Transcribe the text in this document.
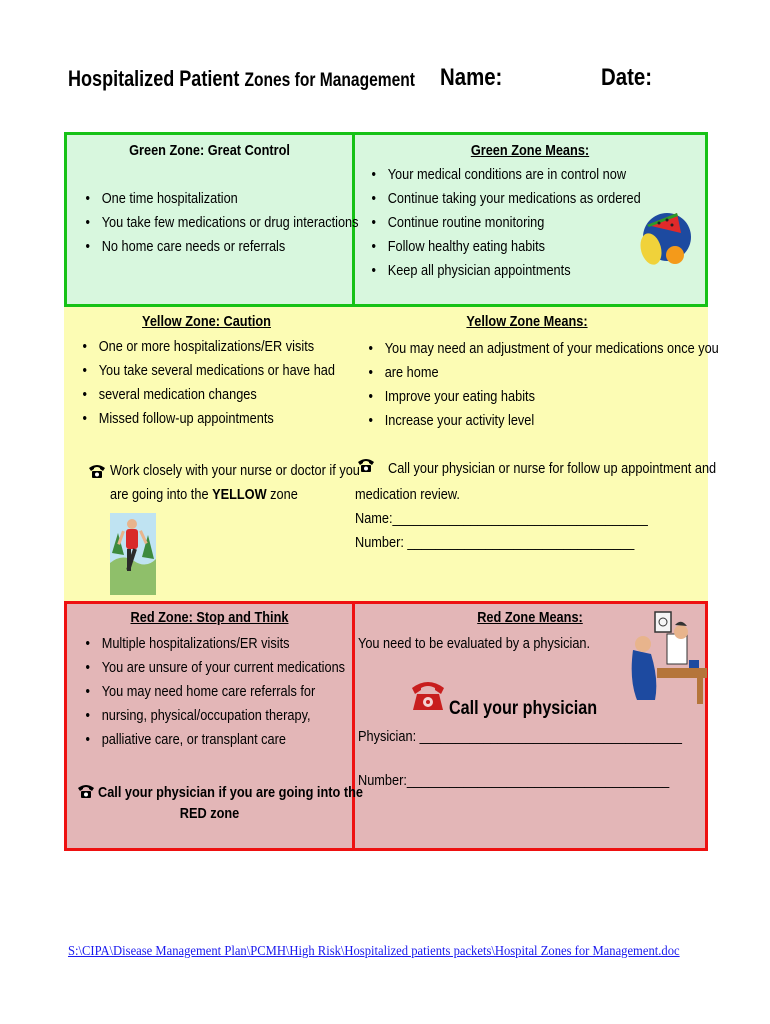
Hospitalized Patient Zones for Management Name:	Date:
Green Zone: Great Control
• One time hospitalization
• You take few medications or drug interactions
• No home care needs or referrals
Green Zone Means:
• Your medical conditions are in control now
• Continue taking your medications as ordered
• Continue routine monitoring
• Follow healthy eating habits
• Keep all physician appointments
Yellow Zone: Caution
• One or more hospitalizations/ER visits
• You take several medications or have had
• several medication changes
• Missed follow-up appointments
Work closely with your nurse or doctor if you
are going into the YELLOW zone
Yellow Zone Means:
• You may need an adjustment of your medications once you
• are home
• Improve your eating habits
• Increase your activity level
Call your physician or nurse for follow up appointment and
medication review.
Name:____________________________________
Number: ________________________________
Red Zone: Stop and Think
• Multiple hospitalizations/ER visits
• You are unsure of your current medications
• You may need home care referrals for
• nursing, physical/occupation therapy,
• palliative care, or transplant care
Call your physician if you are going into the
RED zone
Red Zone Means:
You need to be evaluated by a physician.
Call your physician
Physician: _____________________________________
Number:_____________________________________
S:\CIPA\Disease Management Plan\PCMH\High Risk\Hospitalized patients packets\Hospital Zones for Management.doc
